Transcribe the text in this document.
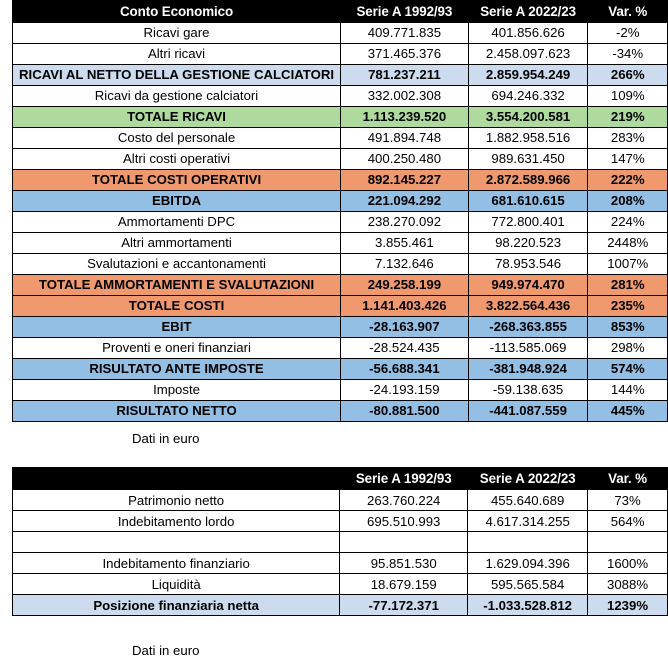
Conto Economico	Serie A 1992/93	Serie A 2022/23	Var. %
Ricavi gare	409.771.835	401.856.626	-2%
Altri ricavi	371.465.376	2.458.097.623	-34%
RICAVI AL NETTO DELLA GESTIONE CALCIATORI	781.237.211	2.859.954.249	266%
Ricavi da gestione calciatori	332.002.308	694.246.332	109%
TOTALE RICAVI	1.113.239.520	3.554.200.581	219%
Costo del personale	491.894.748	1.882.958.516	283%
Altri costi operativi	400.250.480	989.631.450	147%
TOTALE COSTI OPERATIVI	892.145.227	2.872.589.966	222%
EBITDA	221.094.292	681.610.615	208%
Ammortamenti DPC	238.270.092	772.800.401	224%
Altri ammortamenti	3.855.461	98.220.523	2448%
Svalutazioni e accantonamenti	7.132.646	78.953.546	1007%
TOTALE AMMORTAMENTI E SVALUTAZIONI	249.258.199	949.974.470	281%
TOTALE COSTI	1.141.403.426	3.822.564.436	235%
EBIT	-28.163.907	-268.363.855	853%
Proventi e oneri finanziari	-28.524.435	-113.585.069	298%
RISULTATO ANTE IMPOSTE	-56.688.341	-381.948.924	574%
Imposte	-24.193.159	-59.138.635	144%
RISULTATO NETTO	-80.881.500	-441.087.559	445%
Dati in euro
	Serie A 1992/93	Serie A 2022/23	Var. %
Patrimonio netto	263.760.224	455.640.689	73%
Indebitamento lordo	695.510.993	4.617.314.255	564%

Indebitamento finanziario	95.851.530	1.629.094.396	1600%
Liquidità	18.679.159	595.565.584	3088%
Posizione finanziaria netta	-77.172.371	-1.033.528.812	1239%
Dati in euro
